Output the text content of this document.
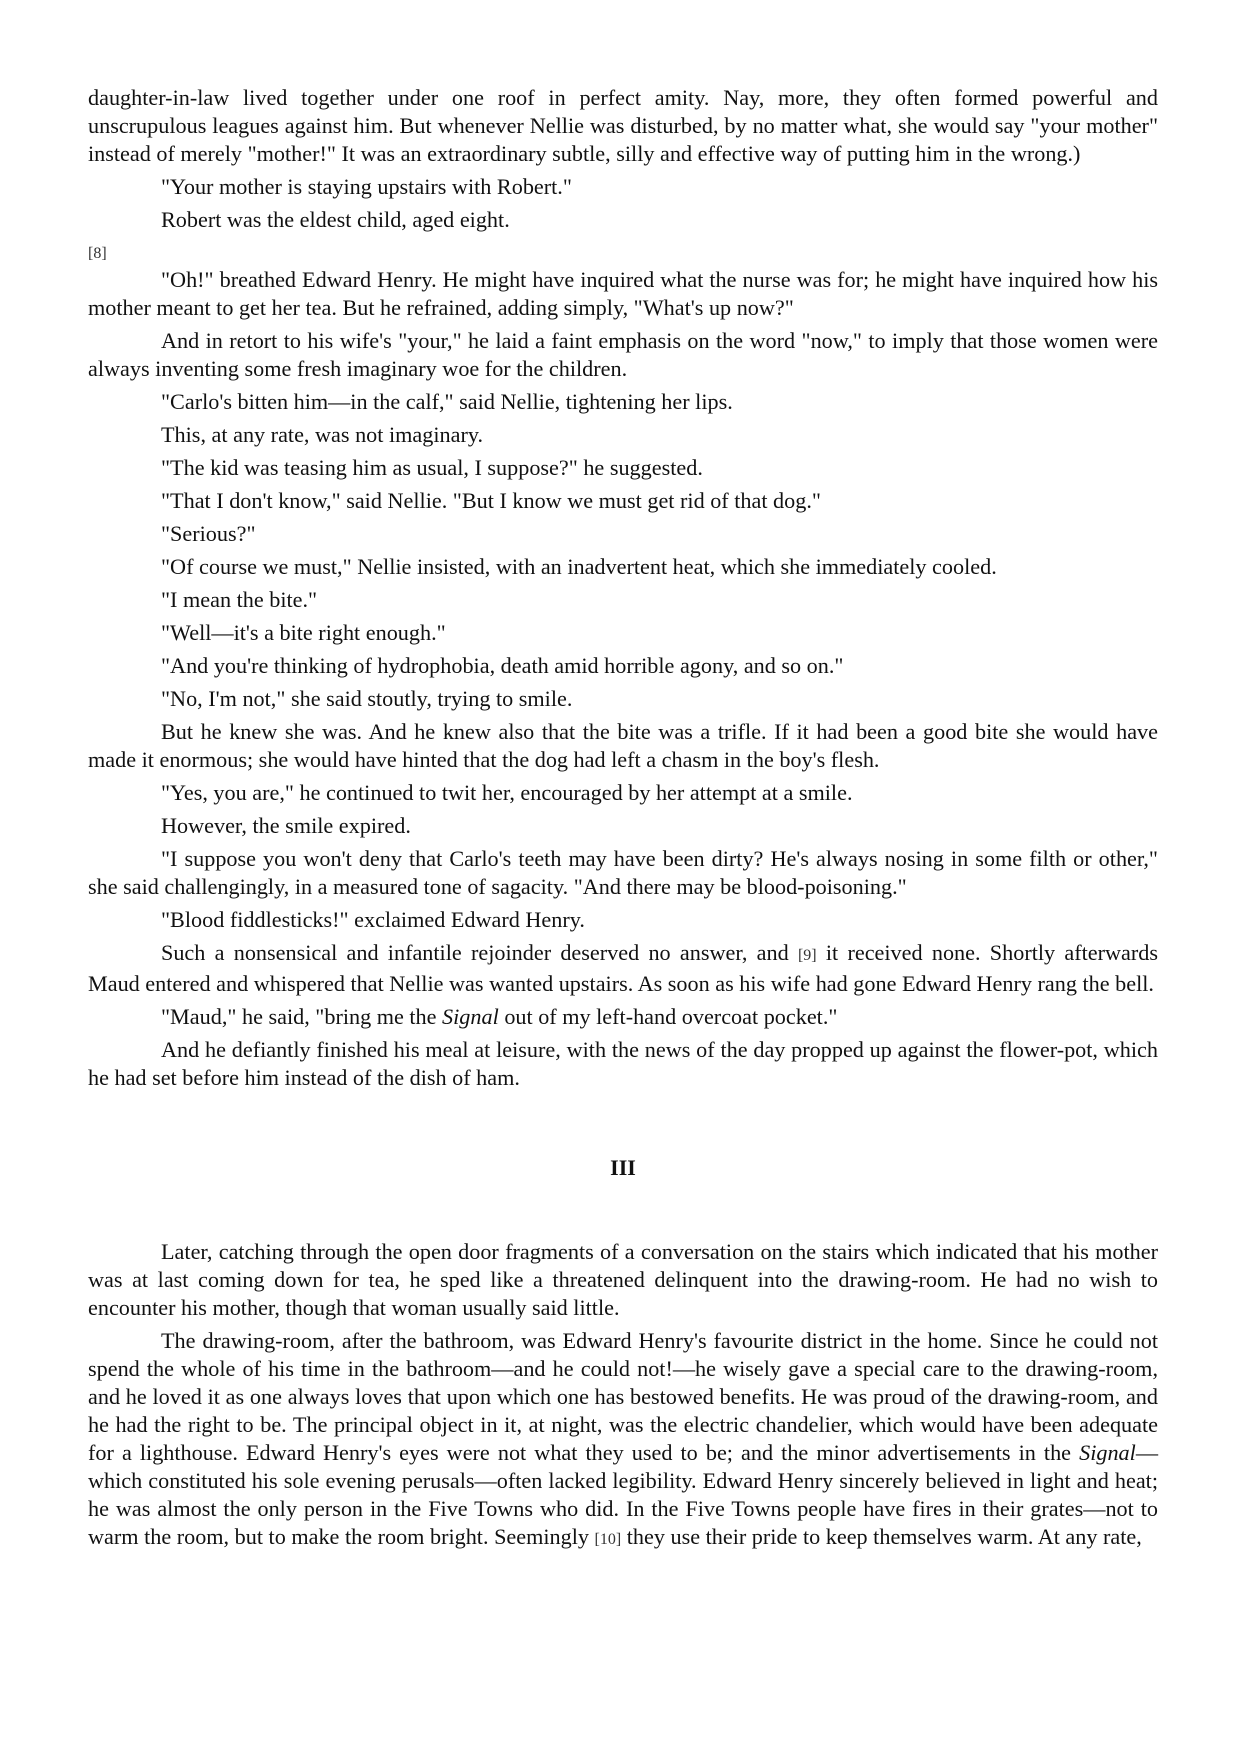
daughter-in-law lived together under one roof in perfect amity. Nay, more, they often formed powerful and unscrupulous leagues against him. But whenever Nellie was disturbed, by no matter what, she would say "your mother" instead of merely "mother!" It was an extraordinary subtle, silly and effective way of putting him in the wrong.)

"Your mother is staying upstairs with Robert."

Robert was the eldest child, aged eight.

[8]

"Oh!" breathed Edward Henry. He might have inquired what the nurse was for; he might have inquired how his mother meant to get her tea. But he refrained, adding simply, "What's up now?"

And in retort to his wife's "your," he laid a faint emphasis on the word "now," to imply that those women were always inventing some fresh imaginary woe for the children.

"Carlo's bitten him—in the calf," said Nellie, tightening her lips.

This, at any rate, was not imaginary.

"The kid was teasing him as usual, I suppose?" he suggested.

"That I don't know," said Nellie. "But I know we must get rid of that dog."

"Serious?"

"Of course we must," Nellie insisted, with an inadvertent heat, which she immediately cooled.

"I mean the bite."

"Well—it's a bite right enough."

"And you're thinking of hydrophobia, death amid horrible agony, and so on."

"No, I'm not," she said stoutly, trying to smile.

But he knew she was. And he knew also that the bite was a trifle. If it had been a good bite she would have made it enormous; she would have hinted that the dog had left a chasm in the boy's flesh.

"Yes, you are," he continued to twit her, encouraged by her attempt at a smile.

However, the smile expired.

"I suppose you won't deny that Carlo's teeth may have been dirty? He's always nosing in some filth or other," she said challengingly, in a measured tone of sagacity. "And there may be blood-poisoning."

"Blood fiddlesticks!" exclaimed Edward Henry.

Such a nonsensical and infantile rejoinder deserved no answer, and [9] it received none. Shortly afterwards Maud entered and whispered that Nellie was wanted upstairs. As soon as his wife had gone Edward Henry rang the bell.

"Maud," he said, "bring me the Signal out of my left-hand overcoat pocket."

And he defiantly finished his meal at leisure, with the news of the day propped up against the flower-pot, which he had set before him instead of the dish of ham.

III

Later, catching through the open door fragments of a conversation on the stairs which indicated that his mother was at last coming down for tea, he sped like a threatened delinquent into the drawing-room. He had no wish to encounter his mother, though that woman usually said little.

The drawing-room, after the bathroom, was Edward Henry's favourite district in the home. Since he could not spend the whole of his time in the bathroom—and he could not!—he wisely gave a special care to the drawing-room, and he loved it as one always loves that upon which one has bestowed benefits. He was proud of the drawing-room, and he had the right to be. The principal object in it, at night, was the electric chandelier, which would have been adequate for a lighthouse. Edward Henry's eyes were not what they used to be; and the minor advertisements in the Signal—which constituted his sole evening perusals—often lacked legibility. Edward Henry sincerely believed in light and heat; he was almost the only person in the Five Towns who did. In the Five Towns people have fires in their grates—not to warm the room, but to make the room bright. Seemingly [10] they use their pride to keep themselves warm. At any rate,
